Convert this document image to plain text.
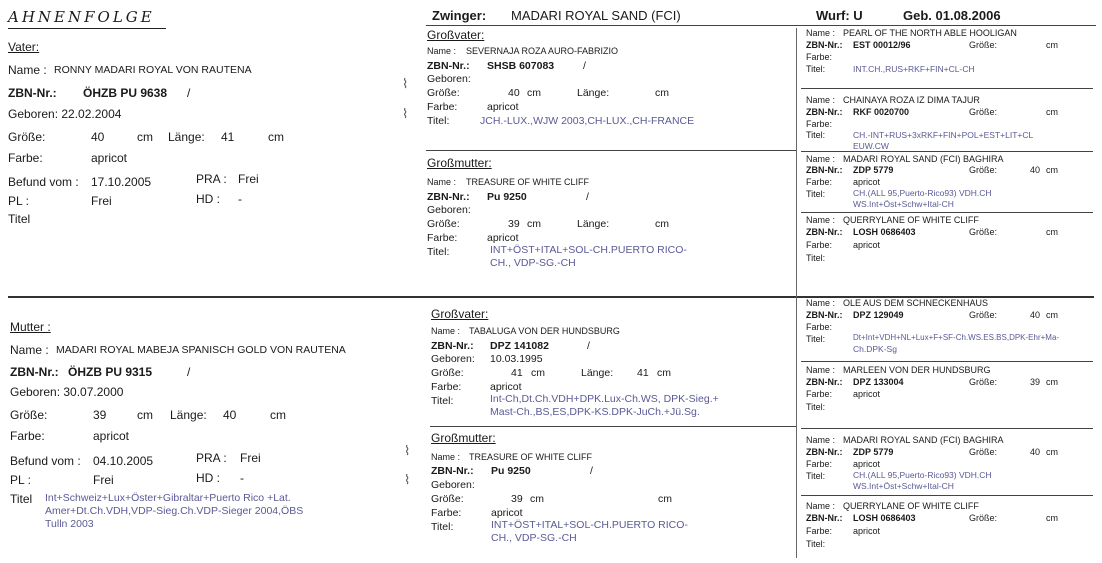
AHNENFOLGE	Zwinger: MADARI ROYAL SAND (FCI)	Wurf: U	Geb. 01.08.2006
Vater:
Name : RONNY MADARI ROYAL VON RAUTENA
ZBN-Nr.: ÖHZB PU 9638 /
Geboren: 22.02.2004
Größe:	40	cm Länge: 41	cm
Farbe:	apricot
Befund vom : 17.10.2005	PRA : Frei
PL :	Frei	HD : -
Titel
⌇
⌇
⌇
⌇
Mutter :
Name : MADARI ROYAL MABEJA SPANISCH GOLD VON RAUTENA
ZBN-Nr.: ÖHZB PU 9315	/
Geboren: 30.07.2000
Größe:	39	cm Länge: 40	cm
Farbe:	apricot
Befund vom : 04.10.2005	PRA : Frei
PL :	Frei	HD : -
Titel Int+Schweiz+Lux+Öster+Gibraltar+Puerto Rico +Lat.
Amer+Dt.Ch.VDH,VDP-Sieg.Ch.VDP-Sieger 2004,ÖBS
Tulln 2003
Großvater:
Name : SEVERNAJA ROZA AURO-FABRIZIO
ZBN-Nr.: SHSB 607083	/
Geboren:
Größe:	40 cm	Länge:	cm
Farbe:	apricot
Titel:	JCH.-LUX.,WJW 2003,CH-LUX.,CH-FRANCE
Großmutter:
Name : TREASURE OF WHITE CLIFF
ZBN-Nr.: Pu 9250	/
Geboren:
Größe:	39 cm	Länge:	cm
Farbe:	apricot
Titel:	INT+ÖST+ITAL+SOL-CH.PUERTO RICO-
CH., VDP-SG.-CH
Großvater:
Name : TABALUGA VON DER HUNDSBURG
ZBN-Nr.: DPZ 141082	/
Geboren: 10.03.1995
Größe:	41 cm	Länge: 41 cm
Farbe:	apricot
Titel:	Int-Ch,Dt.Ch.VDH+DPK.Lux-Ch.WS, DPK-Sieg.+
Mast-Ch.,BS,ES,DPK-KS.DPK-JuCh.+Jü.Sg.
Großmutter:
Name : TREASURE OF WHITE CLIFF
ZBN-Nr.: Pu 9250	/
Geboren:
Größe:	39 cm	cm
Farbe:	apricot
Titel:	INT+ÖST+ITAL+SOL-CH.PUERTO RICO-
CH., VDP-SG.-CH
Name : PEARL OF THE NORTH ABLE HOOLIGAN
ZBN-Nr.: EST 00012/96	Größe:	cm
Farbe:
Titel:	INT.CH.,RUS+RKF+FIN+CL-CH
Name : CHAINAYA ROZA IZ DIMA TAJUR
ZBN-Nr.: RKF 0020700	Größe:	cm
Farbe:
Titel:	CH.-INT+RUS+3xRKF+FIN+POL+EST+LIT+CL
EUW.CW
Name : MADARI ROYAL SAND (FCI) BAGHIRA
ZBN-Nr.: ZDP 5779	Größe:	40 cm
Farbe: apricot
Titel:	CH.(ALL 95,Puerto-Rico93) VDH.CH
WS.Int+Öst+Schw+Ital-CH
Name : QUERRYLANE OF WHITE CLIFF
ZBN-Nr.: LOSH 0686403	Größe:	cm
Farbe: apricot
Titel:
Name : OLE AUS DEM SCHNECKENHAUS
ZBN-Nr.: DPZ 129049	Größe:	40 cm
Farbe:
Titel:	Dt+Int+VDH+NL+Lux+F+SF-Ch.WS.ES.BS,DPK-Ehr+Ma-
Ch.DPK-Sg
Name : MARLEEN VON DER HUNDSBURG
ZBN-Nr.: DPZ 133004	Größe:	39 cm
Farbe: apricot
Titel:
Name : MADARI ROYAL SAND (FCI) BAGHIRA
ZBN-Nr.: ZDP 5779	Größe:	40 cm
Farbe: apricot
Titel:	CH.(ALL 95,Puerto-Rico93) VDH.CH
WS.Int+Öst+Schw+Ital-CH
Name : QUERRYLANE OF WHITE CLIFF
ZBN-Nr.: LOSH 0686403	Größe:	cm
Farbe: apricot
Titel:
